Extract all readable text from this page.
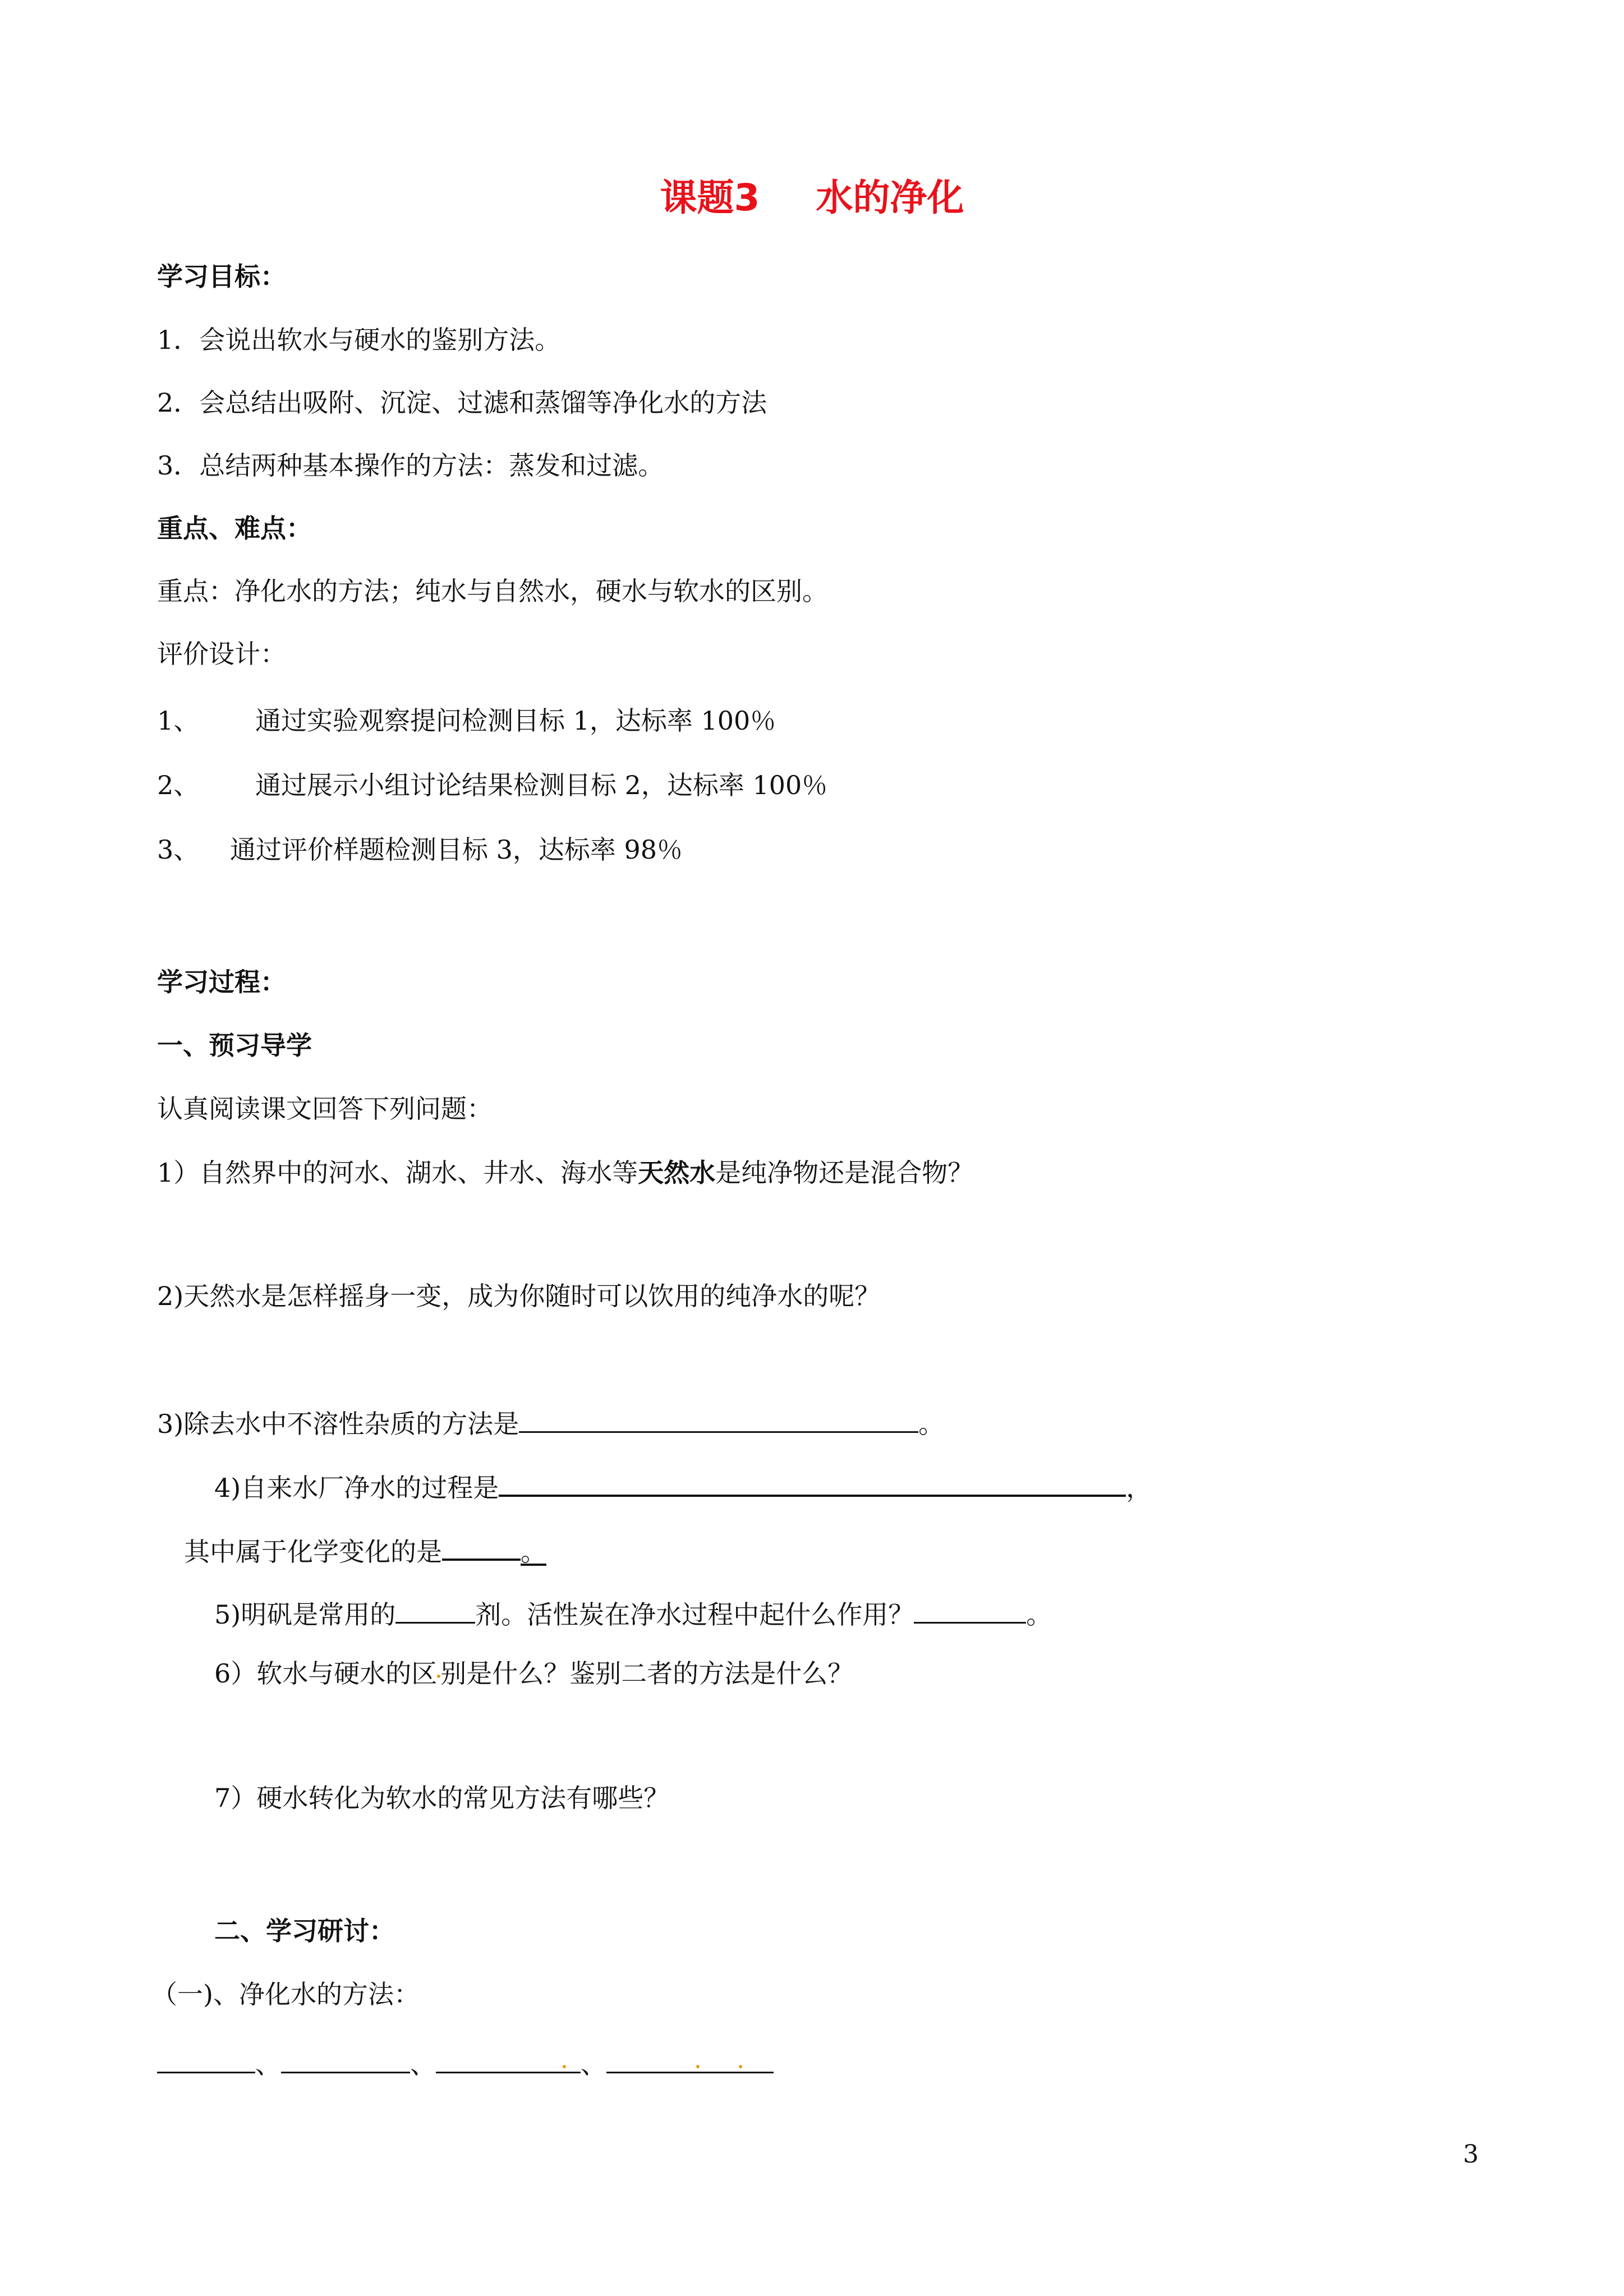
课题3 水的净化
学习目标：
1．会说出软水与硬水的鉴别方法。
2．会总结出吸附、沉淀、过滤和蒸馏等净化水的方法
3．总结两种基本操作的方法：蒸发和过滤。
重点、难点：
重点：净化水的方法；纯水与自然水，硬水与软水的区别。
评价设计：
1、 通过实验观察提问检测目标 1，达标率 100％
2、 通过展示小组讨论结果检测目标 2，达标率 100％
3、 通过评价样题检测目标 3，达标率 98％
学习过程：
一、预习导学
认真阅读课文回答下列问题：
1）自然界中的河水、湖水、井水、海水等天然水是纯净物还是混合物？
2)天然水是怎样摇身一变，成为你随时可以饮用的纯净水的呢？
3)除去水中不溶性杂质的方法是	。
4)自来水厂净水的过程是	，
其中属于化学变化的是	。
5)明矾是常用的	剂。活性炭在净水过程中起什么作用？	。
6）软水与硬水的区 别是什么？鉴别二者的方法是什么？
7）硬水转化为软水的常见方法有哪些？
二、学习研讨：
（一)、净化水的方法：
、	、	、
3
